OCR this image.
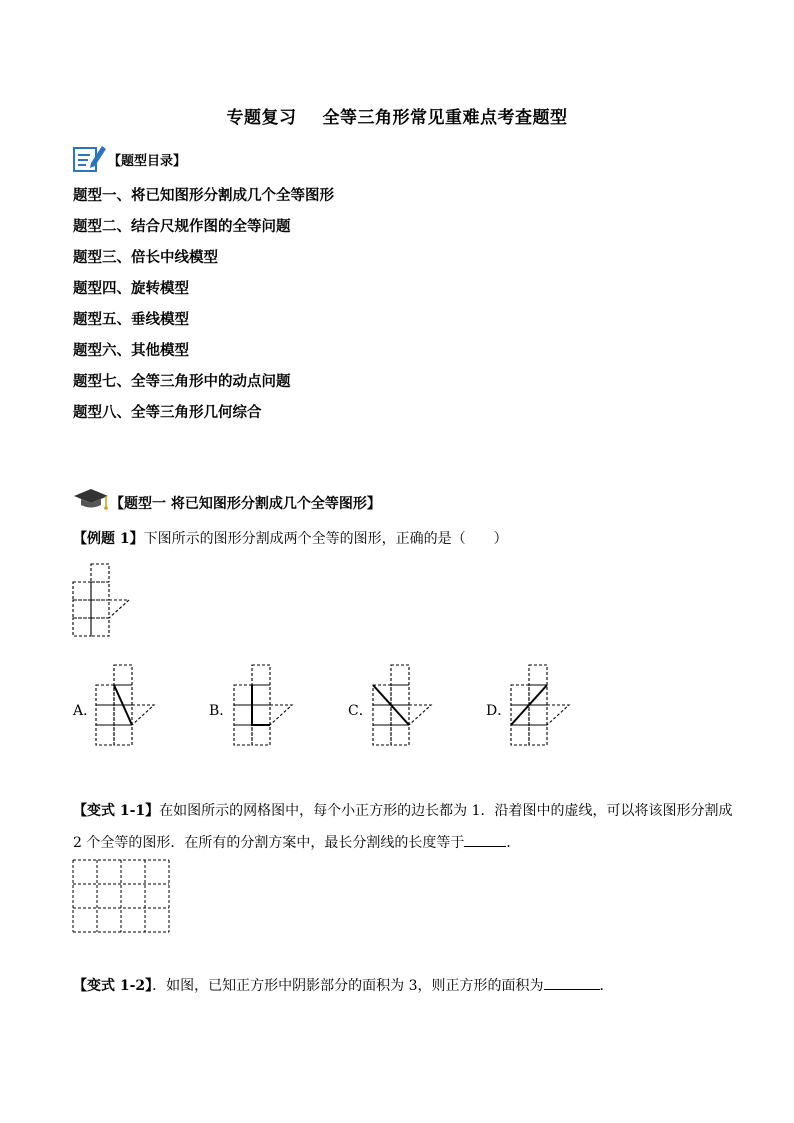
专题复习 全等三角形常见重难点考查题型
【题型目录】
题型一、将已知图形分割成几个全等图形
题型二、结合尺规作图的全等问题
题型三、倍长中线模型
题型四、旋转模型
题型五、垂线模型
题型六、其他模型
题型七、全等三角形中的动点问题
题型八、全等三角形几何综合
【题型一 将已知图形分割成几个全等图形】
【例题 1】下图所示的图形分割成两个全等的图形，正确的是（　　）
A．	B．	C．	D．
【变式 1-1】在如图所示的网格图中，每个小正方形的边长都为 1．沿着图中的虚线，可以将该图形分割成
2 个全等的图形．在所有的分割方案中，最长分割线的长度等于	．
【变式 1-2】．如图，已知正方形中阴影部分的面积为 3，则正方形的面积为	．
